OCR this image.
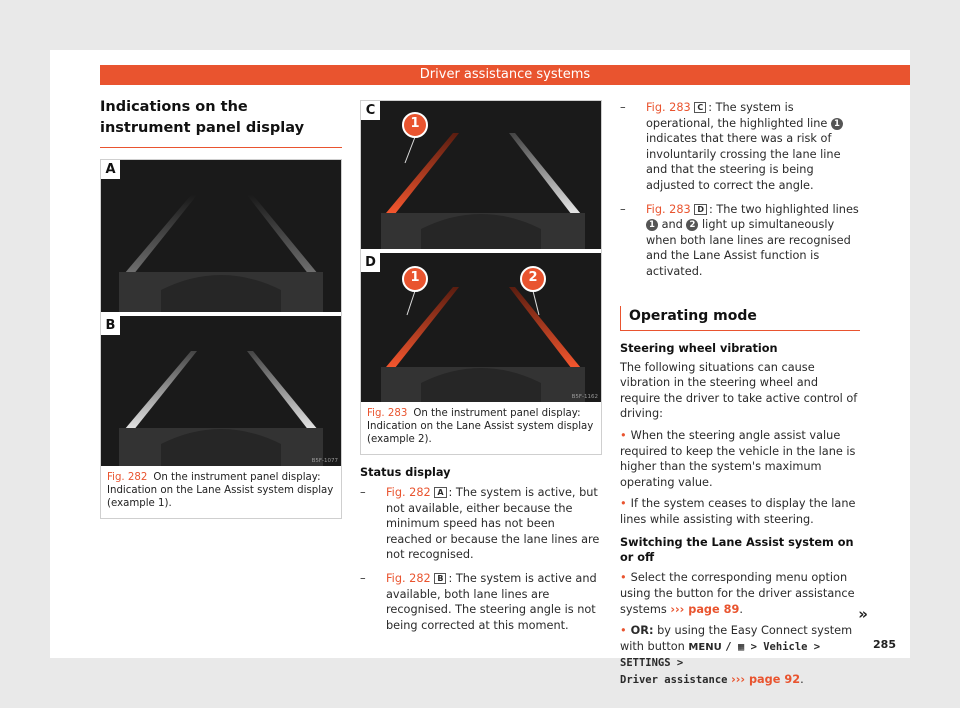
Driver assistance systems
Indications on the instrument panel display
A
B
B5F-1077
Fig. 282 On the instrument panel display: Indication on the Lane Assist system display (example 1).
1
C
1	2
D
B5F-1162
Fig. 283 On the instrument panel display: Indication on the Lane Assist system display (example 2).

Status display

– Fig. 282 A : The system is active, but not available, either because the minimum speed has not been reached or because the lane lines are not recognised.
– Fig. 282 B : The system is active and available, both lane lines are recognised. The steering angle is not being corrected at this moment.
– Fig. 283 C : The system is operational, the highlighted line 1 indicates that there was a risk of involuntarily crossing the lane line and that the steering is being adjusted to correct the angle.
– Fig. 283 D : The two highlighted lines 1 and 2 light up simultaneously when both lane lines are recognised and the Lane Assist function is activated.
Operating mode

Steering wheel vibration

The following situations can cause vibration in the steering wheel and require the driver to take active control of driving:

• When the steering angle assist value required to keep the vehicle in the lane is higher than the system's maximum operating value.

• If the system ceases to display the lane lines while assisting with steering.

Switching the Lane Assist system on or off

• Select the corresponding menu option using the button for the driver assistance systems ››› page 89.

• OR: by using the Easy Connect system with button MENU / ▦ > Vehicle > SETTINGS >
Driver assistance ››› page 92.

»
285
